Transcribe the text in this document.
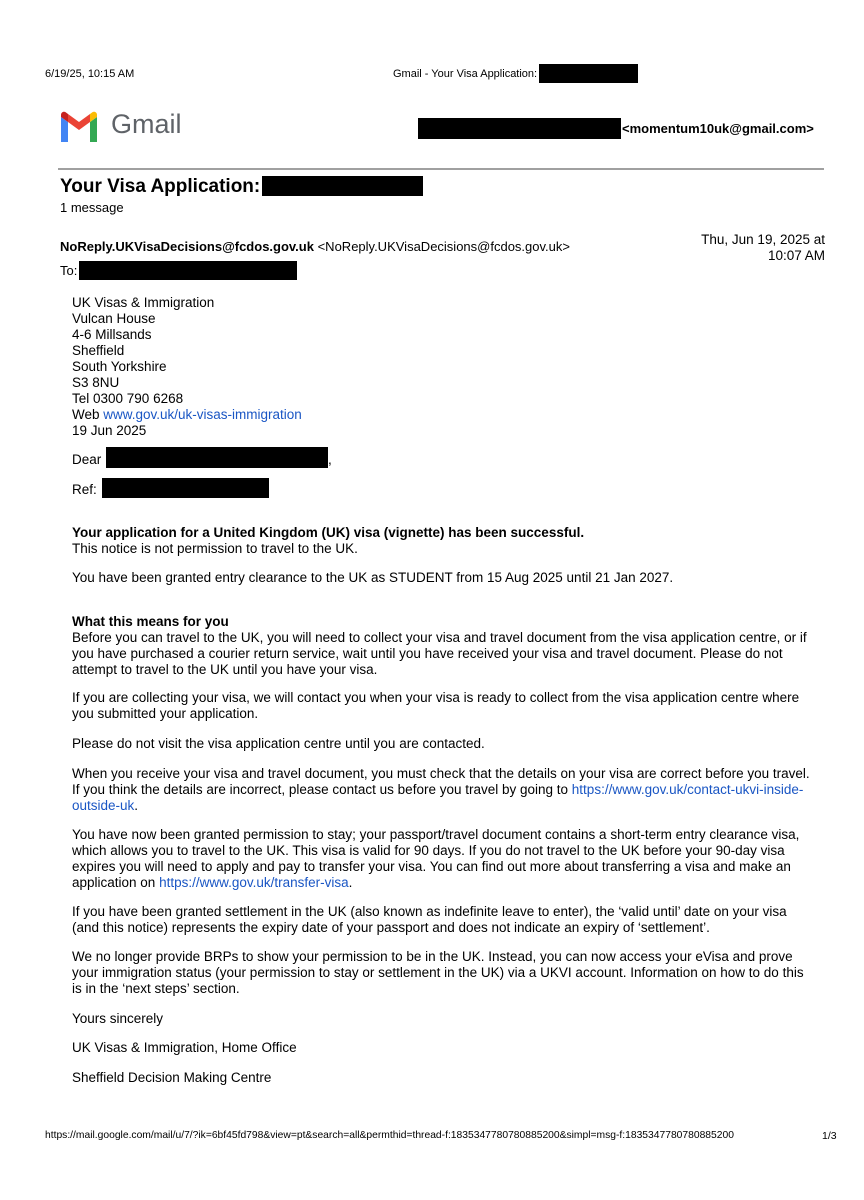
6/19/25, 10:15 AM	Gmail - Your Visa Application:
Gmail	<momentum10uk@gmail.com>
Your Visa Application:
1 message
NoReply.UKVisaDecisions@fcdos.gov.uk <NoReply.UKVisaDecisions@fcdos.gov.uk>	Thu, Jun 19, 2025 at
10:07 AM
To:
UK Visas & Immigration
Vulcan House
4-6 Millsands
Sheffield
South Yorkshire
S3 8NU
Tel 0300 790 6268
Web www.gov.uk/uk-visas-immigration
19 Jun 2025
Dear	,
Ref:
Your application for a United Kingdom (UK) visa (vignette) has been successful.
This notice is not permission to travel to the UK.
You have been granted entry clearance to the UK as STUDENT from 15 Aug 2025 until 21 Jan 2027.
What this means for you
Before you can travel to the UK, you will need to collect your visa and travel document from the visa application centre, or if you have purchased a courier return service, wait until you have received your visa and travel document. Please do not attempt to travel to the UK until you have your visa.
If you are collecting your visa, we will contact you when your visa is ready to collect from the visa application centre where you submitted your application.
Please do not visit the visa application centre until you are contacted.
When you receive your visa and travel document, you must check that the details on your visa are correct before you travel. If you think the details are incorrect, please contact us before you travel by going to https://www.gov.uk/contact-ukvi-inside-outside-uk.
You have now been granted permission to stay; your passport/travel document contains a short-term entry clearance visa, which allows you to travel to the UK. This visa is valid for 90 days. If you do not travel to the UK before your 90-day visa expires you will need to apply and pay to transfer your visa. You can find out more about transferring a visa and make an application on https://www.gov.uk/transfer-visa.
If you have been granted settlement in the UK (also known as indefinite leave to enter), the ‘valid until’ date on your visa (and this notice) represents the expiry date of your passport and does not indicate an expiry of ‘settlement’.
We no longer provide BRPs to show your permission to be in the UK. Instead, you can now access your eVisa and prove your immigration status (your permission to stay or settlement in the UK) via a UKVI account. Information on how to do this is in the ‘next steps’ section.
Yours sincerely
UK Visas & Immigration, Home Office
Sheffield Decision Making Centre
https://mail.google.com/mail/u/7/?ik=6bf45fd798&view=pt&search=all&permthid=thread-f:1835347780780885200&simpl=msg-f:1835347780780885200	1/3
